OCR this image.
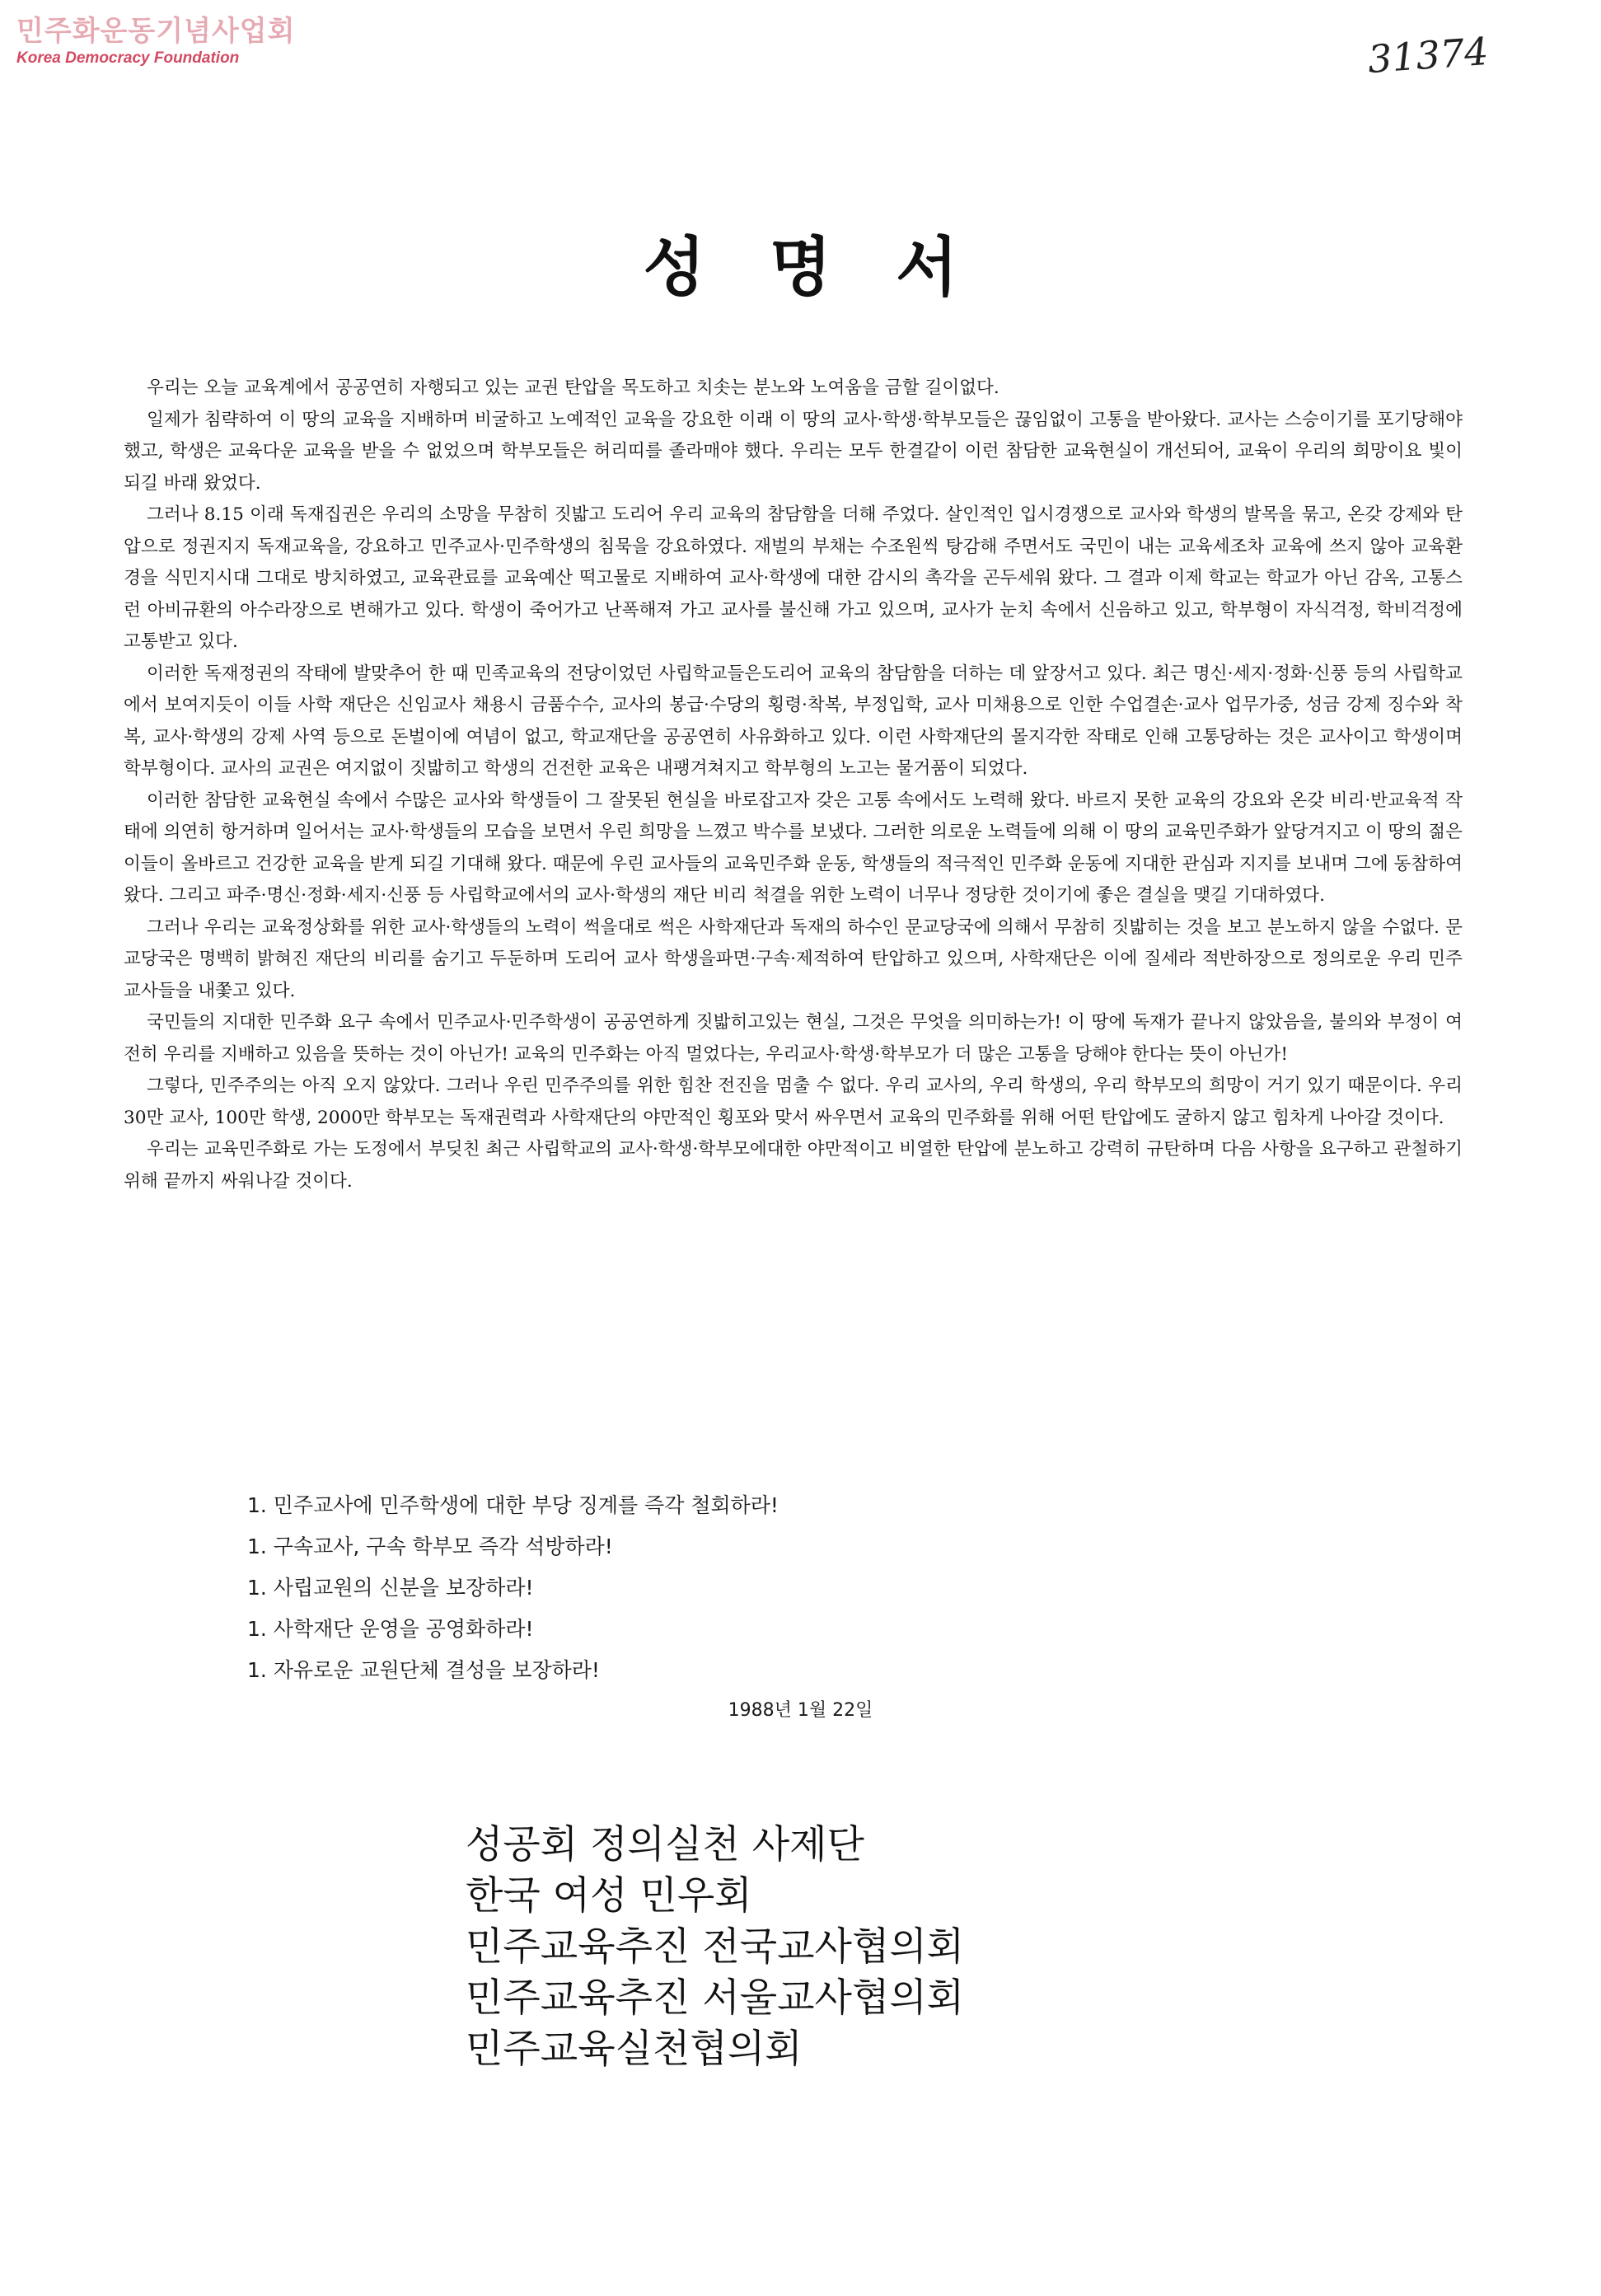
민주화운동기념사업회
Korea Democracy Foundation	31374
성명서

우리는 오늘 교육계에서 공공연히 자행되고 있는 교권 탄압을 목도하고 치솟는 분노와 노여움을 금할 길이없다.

일제가 침략하여 이 땅의 교육을 지배하며 비굴하고 노예적인 교육을 강요한 이래 이 땅의 교사·학생·학부모들은 끊임없이 고통을 받아왔다. 교사는 스승이기를 포기당해야 했고, 학생은 교육다운 교육을 받을 수 없었으며 학부모들은 허리띠를 졸라매야 했다. 우리는 모두 한결같이 이런 참담한 교육현실이 개선되어, 교육이 우리의 희망이요 빛이 되길 바래 왔었다.

그러나 8.15 이래 독재집권은 우리의 소망을 무참히 짓밟고 도리어 우리 교육의 참담함을 더해 주었다. 살인적인 입시경쟁으로 교사와 학생의 발목을 묶고, 온갖 강제와 탄압으로 정권지지 독재교육을, 강요하고 민주교사·민주학생의 침묵을 강요하였다. 재벌의 부채는 수조원씩 탕감해 주면서도 국민이 내는 교육세조차 교육에 쓰지 않아 교육환경을 식민지시대 그대로 방치하였고, 교육관료를 교육예산 떡고물로 지배하여 교사·학생에 대한 감시의 촉각을 곤두세워 왔다. 그 결과 이제 학교는 학교가 아닌 감옥, 고통스런 아비규환의 아수라장으로 변해가고 있다. 학생이 죽어가고 난폭해져 가고 교사를 불신해 가고 있으며, 교사가 눈치 속에서 신음하고 있고, 학부형이 자식걱정, 학비걱정에 고통받고 있다.

이러한 독재정권의 작태에 발맞추어 한 때 민족교육의 전당이었던 사립학교들은도리어 교육의 참담함을 더하는 데 앞장서고 있다. 최근 명신·세지·정화·신풍 등의 사립학교에서 보여지듯이 이들 사학 재단은 신임교사 채용시 금품수수, 교사의 봉급·수당의 횡령·착복, 부정입학, 교사 미채용으로 인한 수업결손·교사 업무가중, 성금 강제 징수와 착복, 교사·학생의 강제 사역 등으로 돈벌이에 여념이 없고, 학교재단을 공공연히 사유화하고 있다. 이런 사학재단의 몰지각한 작태로 인해 고통당하는 것은 교사이고 학생이며 학부형이다. 교사의 교권은 여지없이 짓밟히고 학생의 건전한 교육은 내팽겨쳐지고 학부형의 노고는 물거품이 되었다.

이러한 참담한 교육현실 속에서 수많은 교사와 학생들이 그 잘못된 현실을 바로잡고자 갖은 고통 속에서도 노력해 왔다. 바르지 못한 교육의 강요와 온갖 비리·반교육적 작태에 의연히 항거하며 일어서는 교사·학생들의 모습을 보면서 우린 희망을 느꼈고 박수를 보냈다. 그러한 의로운 노력들에 의해 이 땅의 교육민주화가 앞당겨지고 이 땅의 젊은이들이 올바르고 건강한 교육을 받게 되길 기대해 왔다. 때문에 우린 교사들의 교육민주화 운동, 학생들의 적극적인 민주화 운동에 지대한 관심과 지지를 보내며 그에 동참하여 왔다. 그리고 파주·명신·정화·세지·신풍 등 사립학교에서의 교사·학생의 재단 비리 척결을 위한 노력이 너무나 정당한 것이기에 좋은 결실을 맺길 기대하였다.

그러나 우리는 교육정상화를 위한 교사·학생들의 노력이 썩을대로 썩은 사학재단과 독재의 하수인 문교당국에 의해서 무참히 짓밟히는 것을 보고 분노하지 않을 수없다. 문교당국은 명백히 밝혀진 재단의 비리를 숨기고 두둔하며 도리어 교사 학생을파면·구속·제적하여 탄압하고 있으며, 사학재단은 이에 질세라 적반하장으로 정의로운 우리 민주교사들을 내쫓고 있다.

국민들의 지대한 민주화 요구 속에서 민주교사·민주학생이 공공연하게 짓밟히고있는 현실, 그것은 무엇을 의미하는가! 이 땅에 독재가 끝나지 않았음을, 불의와 부정이 여전히 우리를 지배하고 있음을 뜻하는 것이 아닌가! 교육의 민주화는 아직 멀었다는, 우리교사·학생·학부모가 더 많은 고통을 당해야 한다는 뜻이 아닌가!

그렇다, 민주주의는 아직 오지 않았다. 그러나 우린 민주주의를 위한 힘찬 전진을 멈출 수 없다. 우리 교사의, 우리 학생의, 우리 학부모의 희망이 거기 있기 때문이다. 우리 30만 교사, 100만 학생, 2000만 학부모는 독재권력과 사학재단의 야만적인 횡포와 맞서 싸우면서 교육의 민주화를 위해 어떤 탄압에도 굴하지 않고 힘차게 나아갈 것이다.

우리는 교육민주화로 가는 도정에서 부딪친 최근 사립학교의 교사·학생·학부모에대한 야만적이고 비열한 탄압에 분노하고 강력히 규탄하며 다음 사항을 요구하고 관철하기 위해 끝까지 싸워나갈 것이다.

1. 민주교사에 민주학생에 대한 부당 징계를 즉각 철회하라!
1. 구속교사, 구속 학부모 즉각 석방하라!
1. 사립교원의 신분을 보장하라!
1. 사학재단 운영을 공영화하라!
1. 자유로운 교원단체 결성을 보장하라!
1988년 1월 22일
성공회 정의실천 사제단
한국 여성 민우회
민주교육추진 전국교사협의회
민주교육추진 서울교사협의회
민주교육실천협의회
